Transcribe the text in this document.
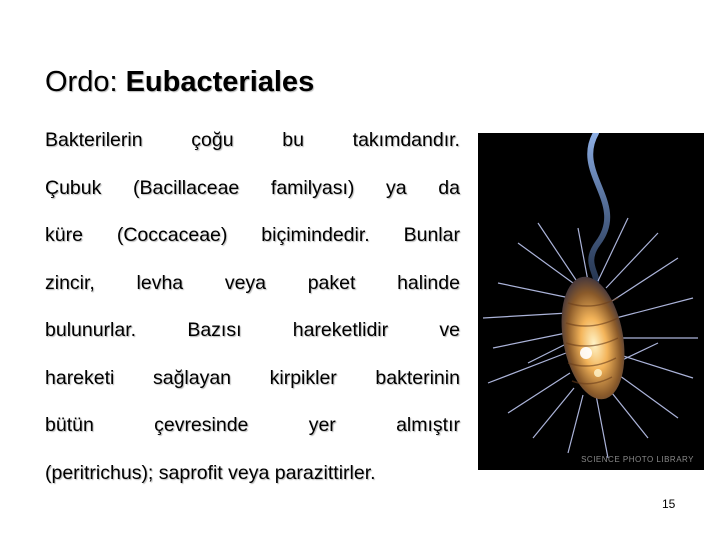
Ordo: Eubacteriales
Bakterilerin çoğu bu takımdandır.
Çubuk (Bacillaceae familyası) ya da
küre (Coccaceae) biçimindedir. Bunlar
zincir, levha veya paket halinde
bulunurlar.	Bazısı	hareketlidir	ve
hareketi sağlayan kirpikler bakterinin
bütün	çevresinde	yer	almıştır
(peritrichus); saprofit veya parazittirler.
SCIENCE PHOTO LIBRARY
15
